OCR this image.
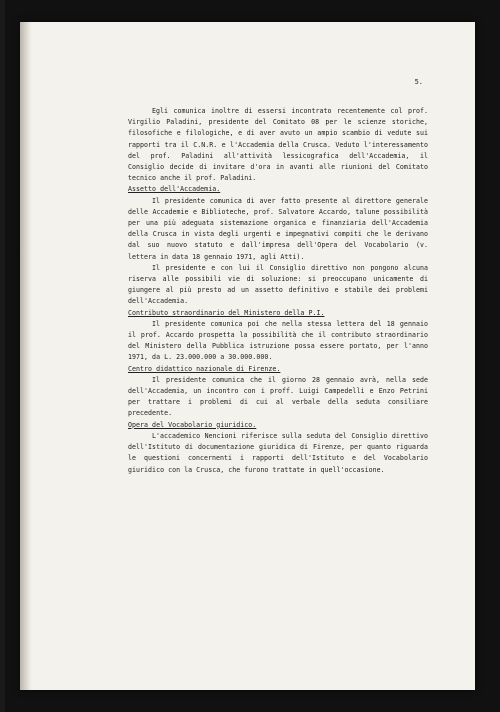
5.

Egli comunica inoltre di essersi incontrato recentemente col prof. Virgilio Paladini, presidente del Comitato 08 per le scienze storiche, filosofiche e filologiche, e di aver avuto un ampio scambio di vedute sui rapporti tra il C.N.R. e l'Accademia della Crusca. Veduto l'interessamento del prof. Paladini all'attività lessicografica dell'Accademia, il Consiglio decide di invitare d'ora in avanti alle riunioni del Comitato tecnico anche il prof. Paladini.

Assetto dell'Accademia.

Il presidente comunica di aver fatto presente al direttore generale delle Accademie e Biblioteche, prof. Salvatore Accardo, talune possibilità per una più adeguata sistemazione organica e finanziaria dell'Accademia della Crusca in vista degli urgenti e impegnativi compiti che le derivano dal suo nuovo statuto e dall'impresa dell'Opera del Vocabolario (v. lettera in data 18 gennaio 1971, agli Atti).

Il presidente e con lui il Consiglio direttivo non pongono alcuna riserva alle possibili vie di soluzione: si preoccupano unicamente di giungere al più presto ad un assetto definitivo e stabile dei problemi dell'Accademia.

Contributo straordinario del Ministero della P.I.

Il presidente comunica poi che nella stessa lettera del 18 gennaio il prof. Accardo prospetta la possibilità che il contributo straordinario del Ministero della Pubblica istruzione possa essere portato, per l'anno 1971, da L. 23.000.000 a 30.000.000.

Centro didattico nazionale di Firenze.

Il presidente comunica che il giorno 28 gennaio avrà, nella sede dell'Accademia, un incontro con i proff. Luigi Campedelli e Enzo Petrini per trattare i problemi di cui al verbale della seduta consiliare precedente.

Opera del Vocabolario giuridico.

L'accademico Nencioni riferisce sulla seduta del Consiglio direttivo dell'Istituto di documentazione giuridica di Firenze, per quanto riguarda le questioni concernenti i rapporti dell'Istituto e del Vocabolario giuridico con la Crusca, che furono trattate in quell'occasione.
